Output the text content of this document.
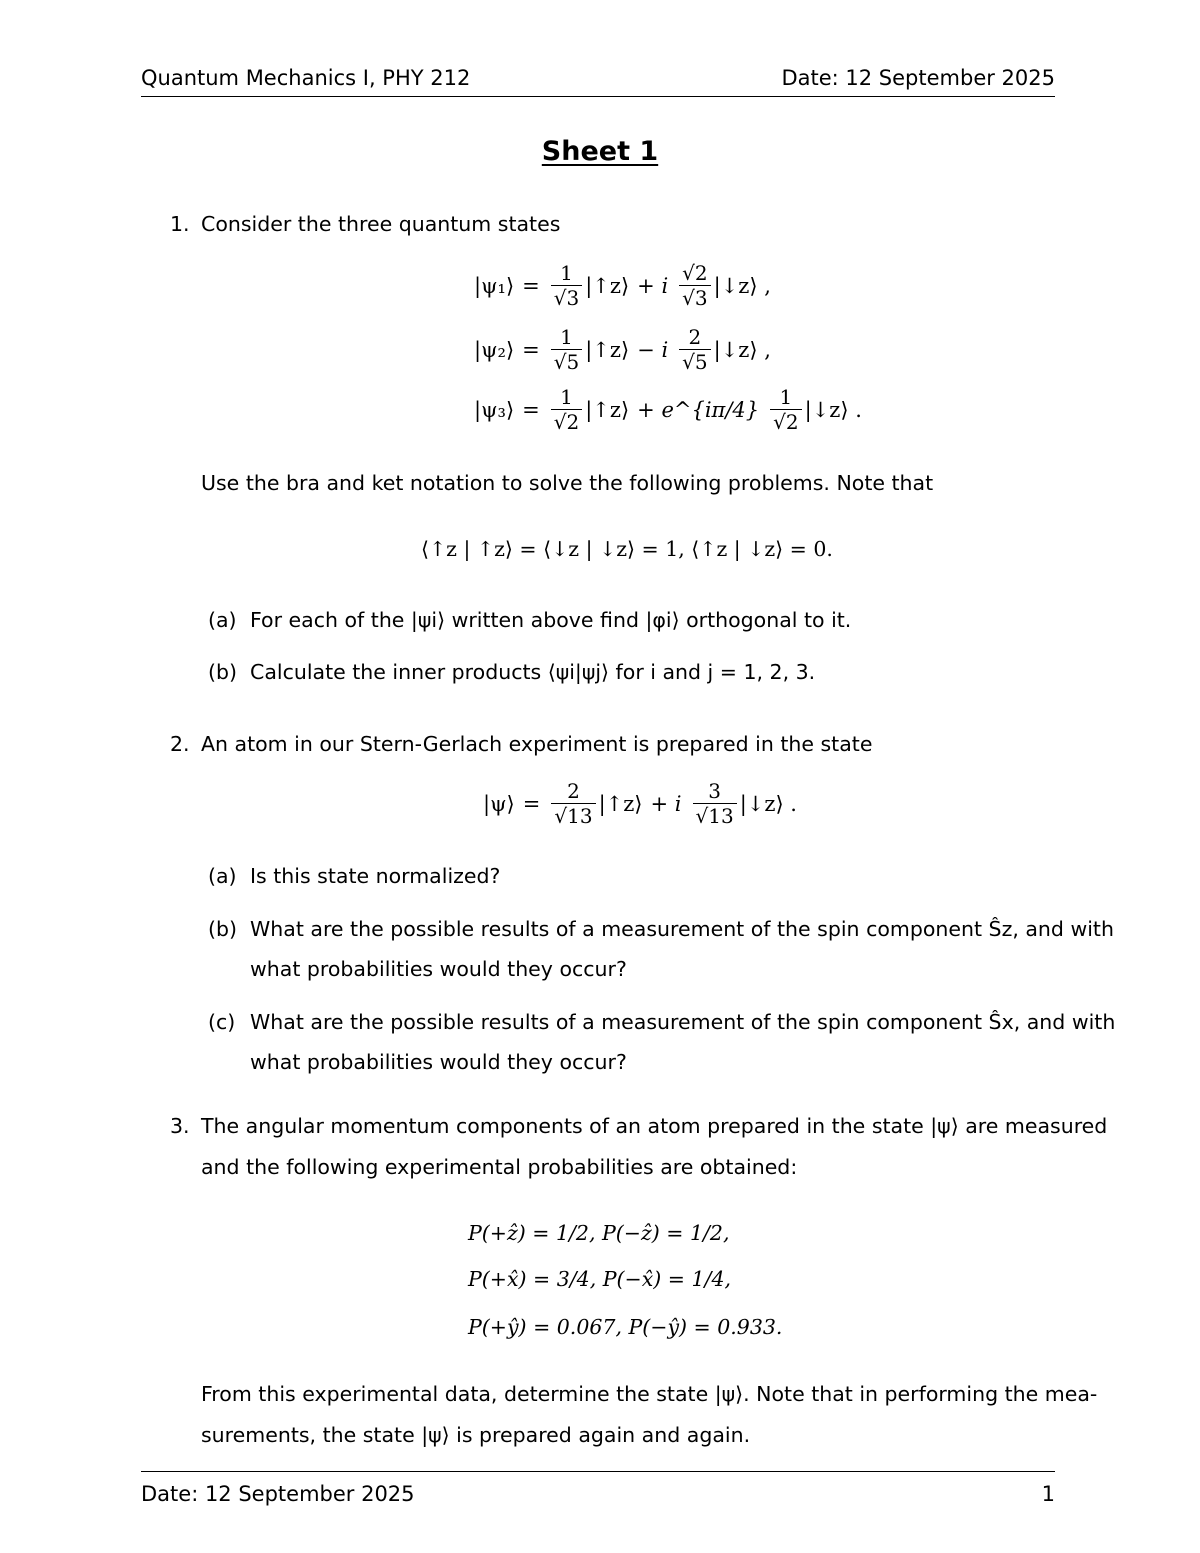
Quantum Mechanics I, PHY 212	Date: 12 September 2025
Sheet 1
1. Consider the three quantum states
|ψ₁⟩ = $\frac{1}{√3}$ |↑z⟩ + i $\frac{√2}{√3}$ |↓z⟩ ,
|ψ₂⟩ = $\frac{1}{√5}$ |↑z⟩ − i $\frac{2}{√5}$ |↓z⟩ ,
|ψ₃⟩ = $\frac{1}{√2}$ |↑z⟩ + e^{iπ/4} $\frac{1}{√2}$ |↓z⟩ .
Use the bra and ket notation to solve the following problems. Note that
⟨↑z | ↑z⟩ = ⟨↓z | ↓z⟩ = 1, ⟨↑z | ↓z⟩ = 0.
(a) For each of the |ψi⟩ written above find |φi⟩ orthogonal to it.
(b) Calculate the inner products ⟨ψi|ψj⟩ for i and j = 1, 2, 3.
2. An atom in our Stern-Gerlach experiment is prepared in the state
|ψ⟩ = $\frac{2}{√13}$ |↑z⟩ + i $\frac{3}{√13}$ |↓z⟩ .
(a) Is this state normalized?
(b) What are the possible results of a measurement of the spin component Ŝz, and with
what probabilities would they occur?
(c) What are the possible results of a measurement of the spin component Ŝx, and with
what probabilities would they occur?
3. The angular momentum components of an atom prepared in the state |ψ⟩ are measured
and the following experimental probabilities are obtained:
P(+ẑ) = 1/2, P(−ẑ) = 1/2,
P(+x̂) = 3/4, P(−x̂) = 1/4,
P(+ŷ) = 0.067, P(−ŷ) = 0.933.
From this experimental data, determine the state |ψ⟩. Note that in performing the mea-
surements, the state |ψ⟩ is prepared again and again.
Date: 12 September 2025	1
